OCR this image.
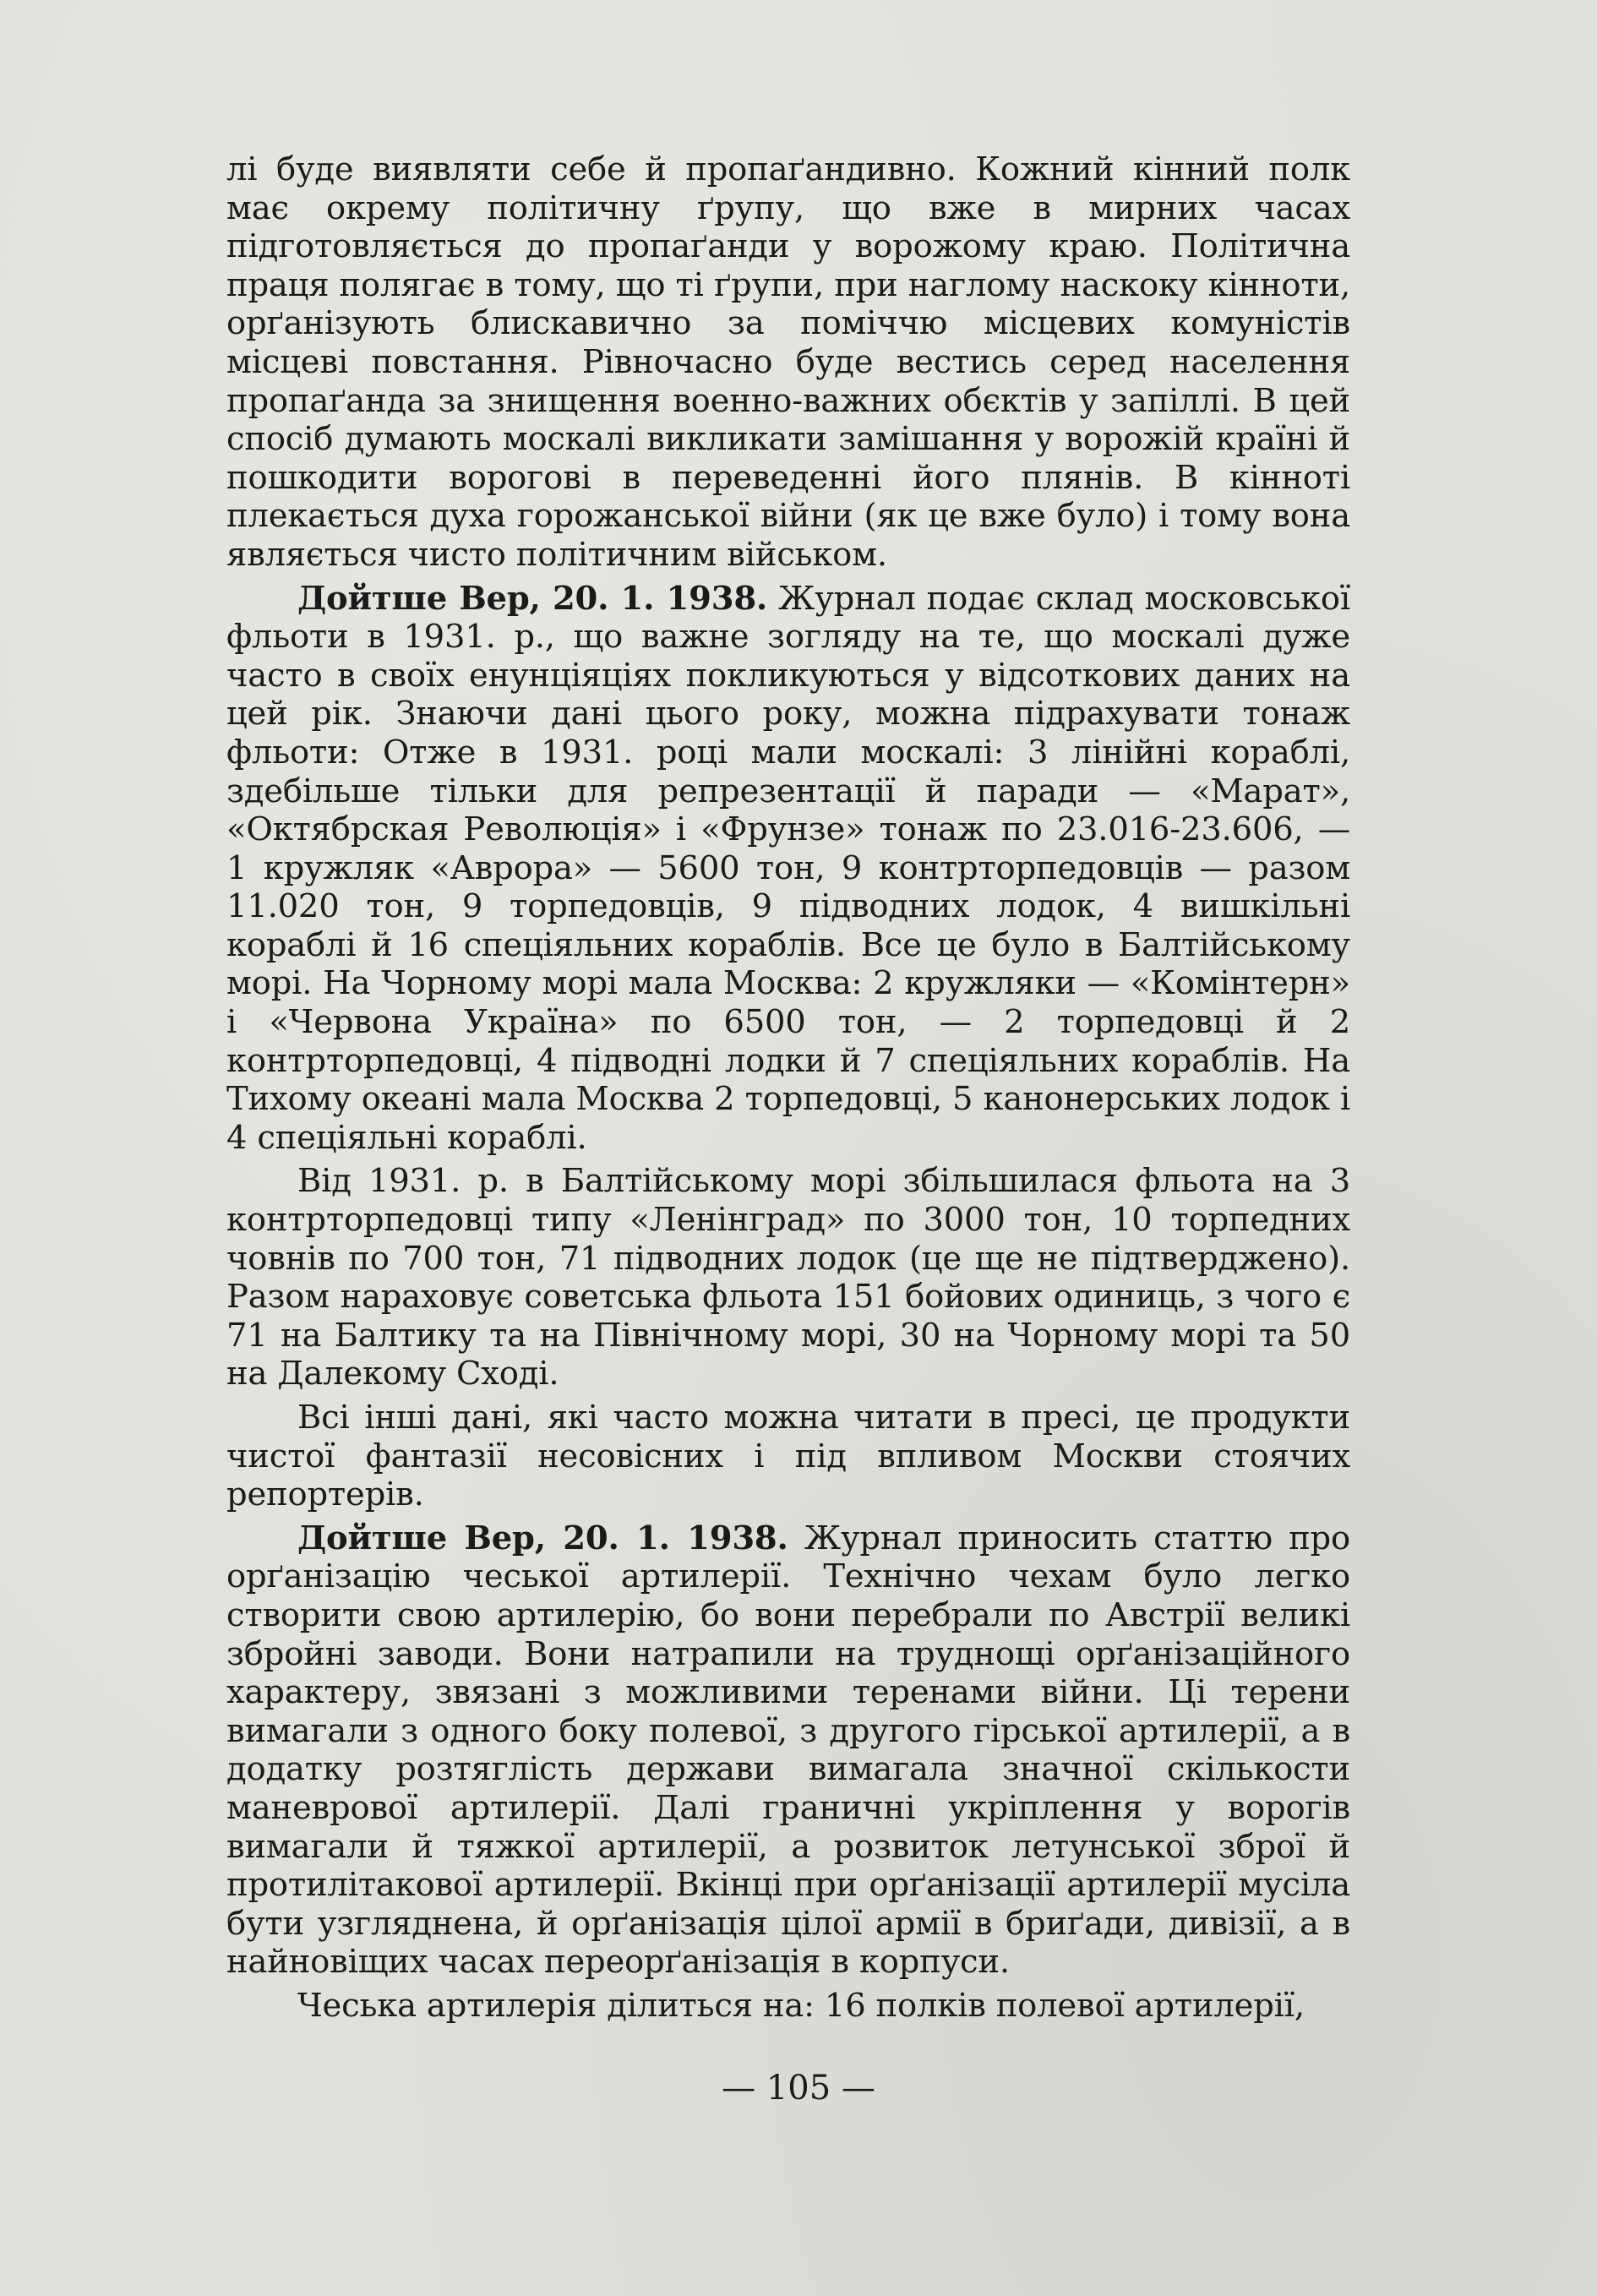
лі буде виявляти себе й пропаґандивно. Кожний кінний полк має окрему політичну ґрупу, що вже в мирних часах підготовляється до пропаґанди у ворожому краю. Політична праця полягає в тому, що ті ґрупи, при наглому наскоку кінноти, орґанізують блискавично за поміччю місцевих комуністів місцеві повстання. Рівночасно буде вестись серед населення пропаґанда за знищення военно-важних обєктів у запіллі. В цей спосіб думають москалі викликати замішання у ворожій країні й пошкодити ворогові в переведенні його плянів. В кінноті плекається духа горожанської війни (як це вже було) і тому вона являється чисто політичним військом.

Дойтше Вер, 20. 1. 1938. Журнал подає склад московської фльоти в 1931. р., що важне зогляду на те, що москалі дуже часто в своїх енунціяціях покликуються у відсоткових даних на цей рік. Знаючи дані цього року, можна підрахувати тонаж фльоти: Отже в 1931. році мали москалі: 3 лінійні кораблі, здебільше тільки для репрезентації й паради — «Марат», «Октябрская Революція» і «Фрунзе» тонаж по 23.016-23.606, — 1 кружляк «Аврора» — 5600 тон, 9 контрторпедовців — разом 11.020 тон, 9 торпедовців, 9 підводних лодок, 4 вишкільні кораблі й 16 спеціяльних кораблів. Все це було в Балтійському морі. На Чорному морі мала Москва: 2 кружляки — «Комінтерн» і «Червона Україна» по 6500 тон, — 2 торпедовці й 2 контрторпедовці, 4 підводні лодки й 7 спеціяльних кораблів. На Тихому океані мала Москва 2 торпедовці, 5 канонерських лодок і 4 спеціяльні кораблі.

Від 1931. р. в Балтійському морі збільшилася фльота на 3 контрторпедовці типу «Ленінград» по 3000 тон, 10 торпедних човнів по 700 тон, 71 підводних лодок (це ще не підтверджено). Разом нараховує советська фльота 151 бойових одиниць, з чого є 71 на Балтику та на Північному морі, 30 на Чорному морі та 50 на Далекому Сході.

Всі інші дані, які часто можна читати в пресі, це продукти чистої фантазії несовісних і під впливом Москви стоячих репортерів.

Дойтше Вер, 20. 1. 1938. Журнал приносить статтю про орґанізацію чеської артилерії. Технічно чехам було легко створити свою артилерію, бо вони перебрали по Австрії великі збройні заводи. Вони натрапили на труднощі орґанізаційного характеру, звязані з можливими теренами війни. Ці терени вимагали з одного боку полевої, з другого гірської артилерії, а в додатку розтяглість держави вимагала значної скількости маневрової артилерії. Далі граничні укріплення у ворогів вимагали й тяжкої артилерії, а розвиток летунської зброї й протилітакової артилерії. Вкінці при орґанізації артилерії мусіла бути узгляднена, й орґанізація цілої армії в бриґади, дивізії, а в найновіщих часах переорґанізація в корпуси.

Чеська артилерія ділиться на: 16 полків полевої артилерії,

— 105 —
